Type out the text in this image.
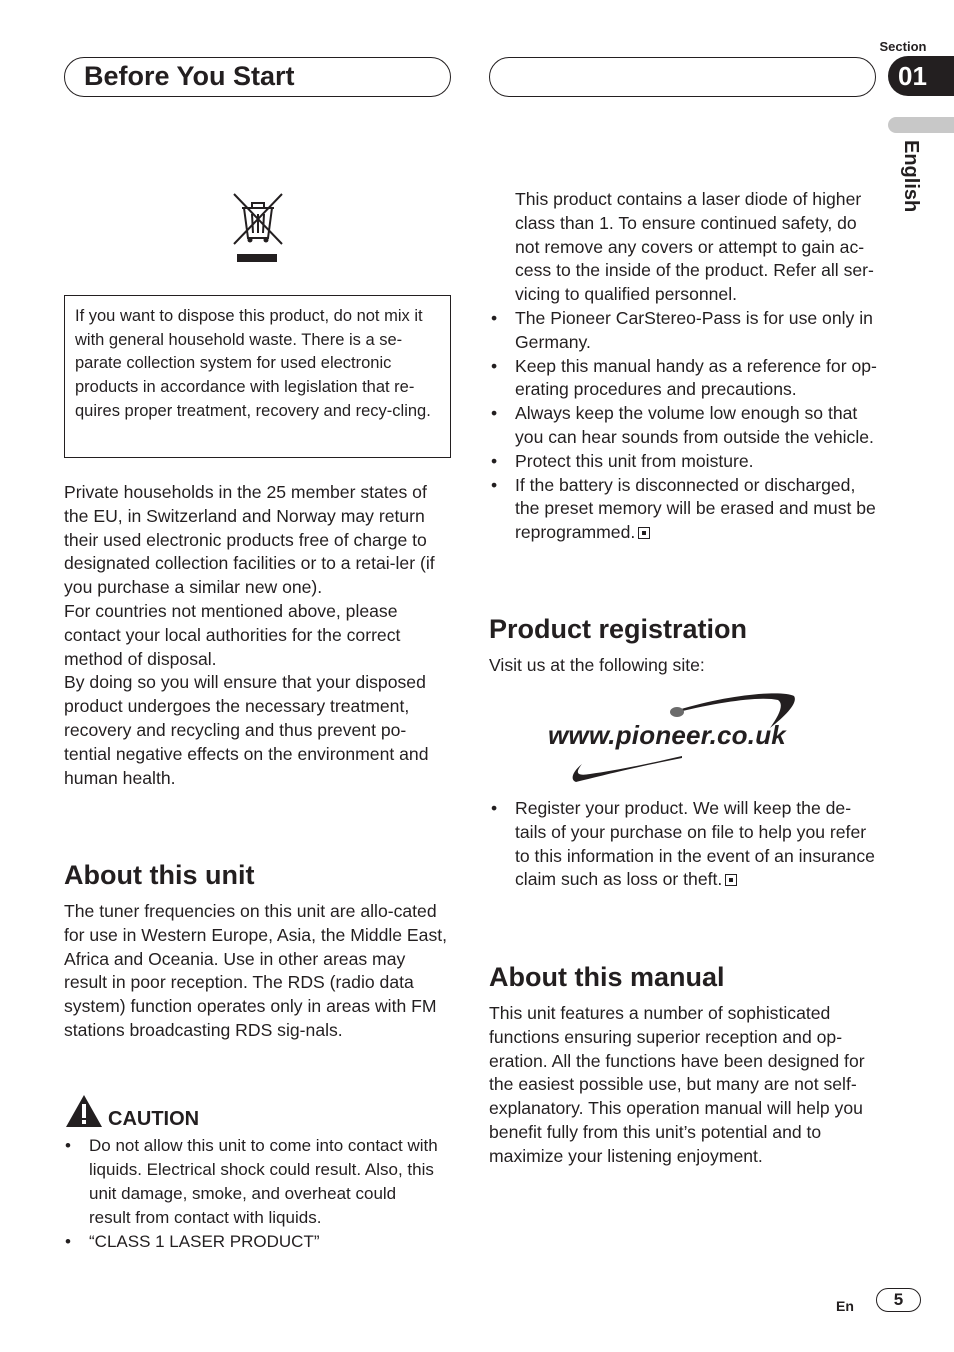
Before You Start
Section
01
English
If you want to dispose this product, do not mix it with general household waste. There is a se-parate collection system for used electronic products in accordance with legislation that re-quires proper treatment, recovery and recy-cling.
Private households in the 25 member states of the EU, in Switzerland and Norway may return their used electronic products free of charge to designated collection facilities or to a retai-ler (if you purchase a similar new one).
For countries not mentioned above, please contact your local authorities for the correct method of disposal.
By doing so you will ensure that your disposed product undergoes the necessary treatment, recovery and recycling and thus prevent po-tential negative effects on the environment and human health.
About this unit
The tuner frequencies on this unit are allo-cated for use in Western Europe, Asia, the Middle East, Africa and Oceania. Use in other areas may result in poor reception. The RDS (radio data system) function operates only in areas with FM stations broadcasting RDS sig-nals.
CAUTION
• Do not allow this unit to come into contact with liquids. Electrical shock could result. Also, this unit damage, smoke, and overheat could result from contact with liquids.
• “CLASS 1 LASER PRODUCT”
This product contains a laser diode of higher class than 1. To ensure continued safety, do not remove any covers or attempt to gain ac-cess to the inside of the product. Refer all ser-vicing to qualified personnel.
• The Pioneer CarStereo-Pass is for use only in Germany.
• Keep this manual handy as a reference for op-erating procedures and precautions.
• Always keep the volume low enough so that you can hear sounds from outside the vehicle.
• Protect this unit from moisture.
• If the battery is disconnected or discharged, the preset memory will be erased and must be reprogrammed.
Product registration
Visit us at the following site:
www.pioneer.co.uk
• Register your product. We will keep the de-tails of your purchase on file to help you refer to this information in the event of an insurance claim such as loss or theft.
About this manual
This unit features a number of sophisticated functions ensuring superior reception and op-eration. All the functions have been designed for the easiest possible use, but many are not self-explanatory. This operation manual will help you benefit fully from this unit’s potential and to maximize your listening enjoyment.
En	5
